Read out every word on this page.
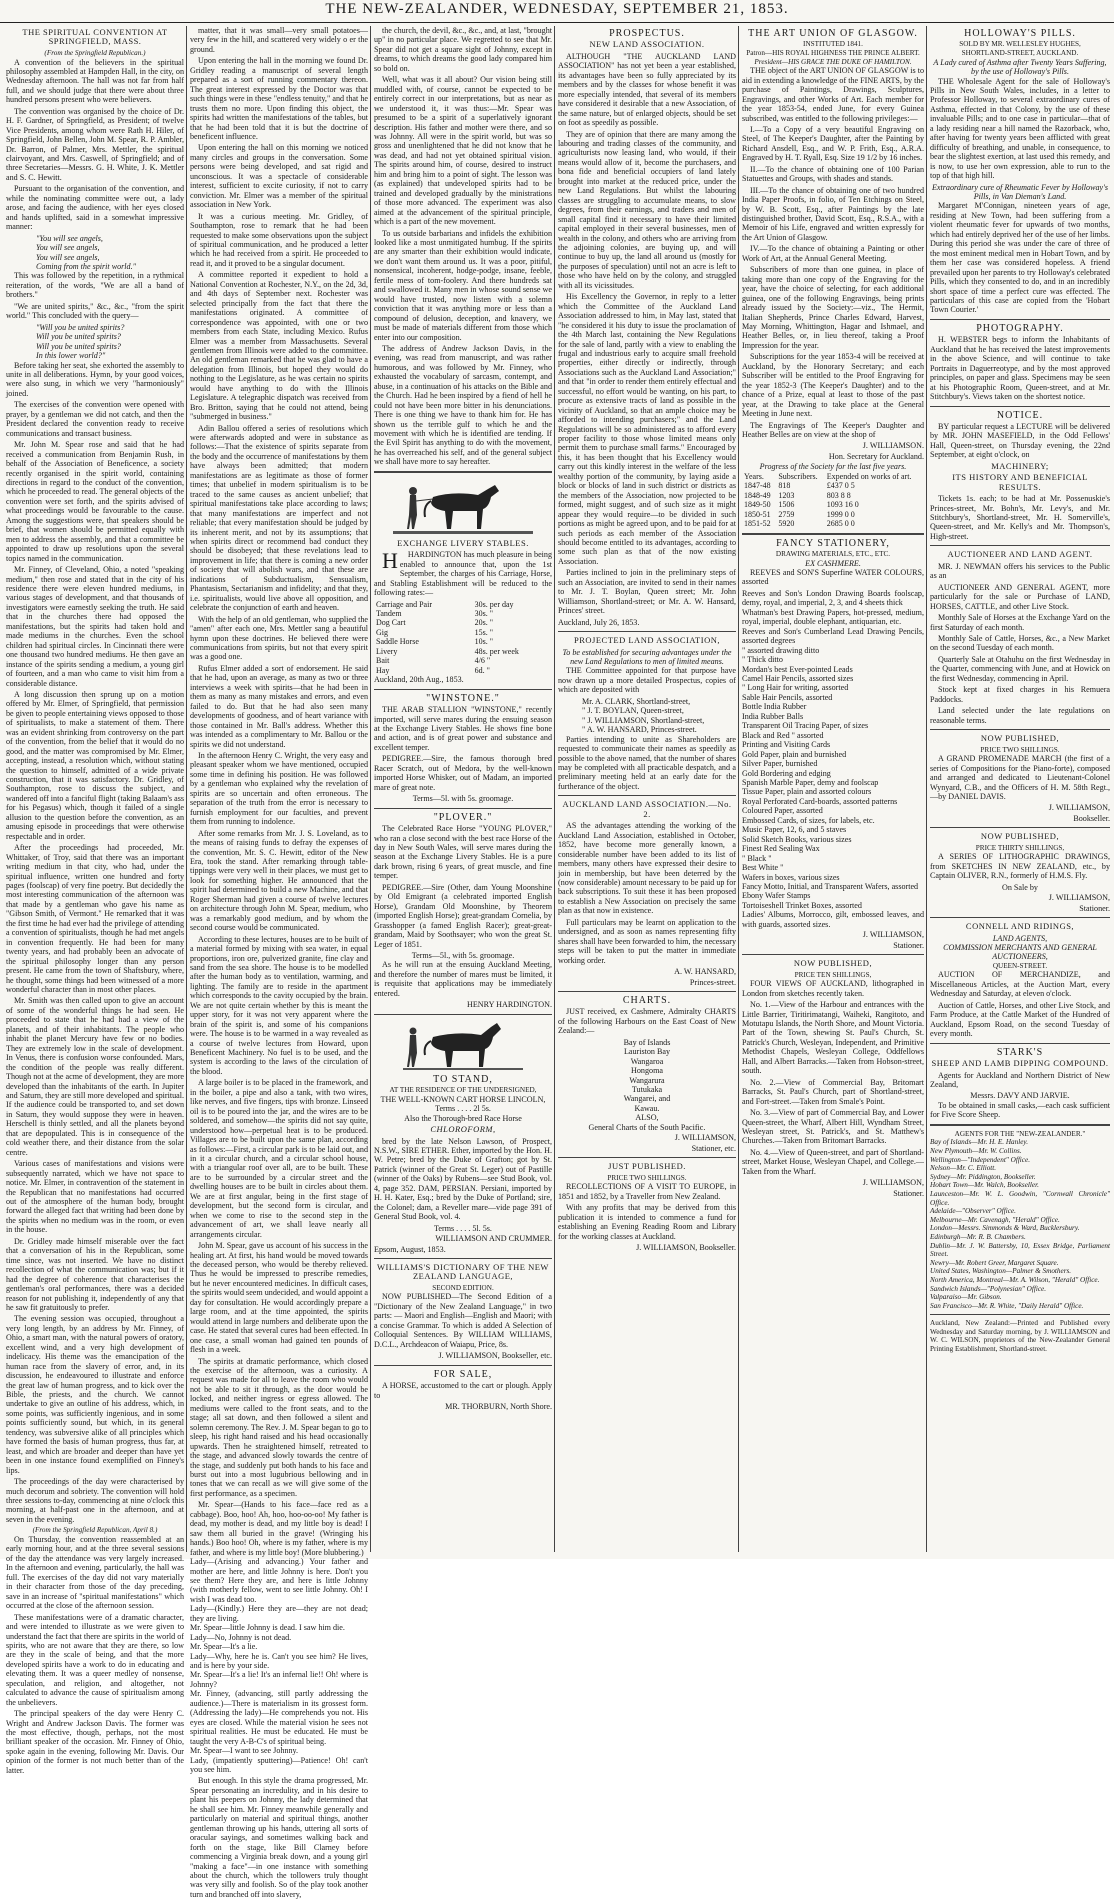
THE NEW-ZEALANDER, WEDNESDAY, SEPTEMBER 21, 1853.
THE SPIRITUAL CONVENTION AT SPRINGFIELD, MASS.
(From the Springfield Republican.)

A convention of the believers in the spiritual philosophy assembled at Hampden Hall, in the city, on Wednesday afternoon. The hall was not far from half full, and we should judge that there were about three hundred persons present who were believers.

The convention was organised by the choice of Dr. H. F. Gardner, of Springfield, as President; of twelve Vice Presidents, among whom were Rath H. Hiler, of Springfield, John Bellen, John M. Spear, R. P. Ambler, Dr. Barron, of Palmer, Mrs. Mettler, the spiritual clairvoyant, and Mrs. Caswell, of Springfield; and of three Secretaries—Messrs. G. H. White, J. K. Mettler and S. C. Hewitt.

Pursuant to the organisation of the convention, and while the nominating committee were out, a lady arose, and facing the audience, with her eyes closed and hands uplifted, said in a somewhat impressive manner:

"You will see angels,
You will see angels,
You will see angels,
Coming from the spirit world."

This was followed by the repetition, in a rythmical reiteration, of the words, "We are all a band of brothers."

"We are united spirits," &c., &c., "from the spirit world." This concluded with the query—

"Will you be united spirits?
Will you be united spirits?
Will you be united spirits?
In this lower world?"

Before taking her seat, she exhorted the assembly to unite in all deliberations. Hymn, by your good voices, were also sung, in which we very "harmoniously" joined.

The exercises of the convention were opened with prayer, by a gentleman we did not catch, and then the President declared the convention ready to receive communications and transact business.

Mr. John M. Spear rose and said that he had received a communication from Benjamin Rush, in behalf of the Association of Beneficence, a society recently organised in the spirit world, containing directions in regard to the conduct of the convention, which he proceeded to read. The general objects of the convention were set forth, and the spirits advised of what proceedings would be favourable to the cause. Among the suggestions were, that speakers should be brief, that women should be permitted equally with men to address the assembly, and that a committee be appointed to draw up resolutions upon the several topics named in the communication.

Mr. Finney, of Cleveland, Ohio, a noted "speaking medium," then rose and stated that in the city of his residence there were eleven hundred mediums, in various stages of development, and that thousands of investigators were earnestly seeking the truth. He said that in the churches there had opposed the manifestations, but the spirits had taken hold and made mediums in the churches. Even the school children had spiritual circles. In Cincinnati there were one thousand two hundred mediums. He then gave an instance of the spirits sending a medium, a young girl of fourteen, and a man who came to visit him from a considerable distance.

A long discussion then sprung up on a motion offered by Mr. Elmer, of Springfield, that permission be given to people entertaining views opposed to those of spiritualists, to make a statement of them. There was an evident shrinking from controversy on the part of the convention, from the belief that it would do no good, and the matter was compromised by Mr. Elmer, accepting, instead, a resolution which, without stating the question to himself, admitted of a wide private construction, that it was satisfactory. Dr. Gridley, of Southampton, rose to discuss the subject, and wandered off into a fanciful flight (taking Balaam's ass for his Pegasus) which, though it failed of a single allusion to the question before the convention, as an amusing episode in proceedings that were otherwise respectable and in order.

After the proceedings had proceeded, Mr. Whittaker, of Troy, said that there was an important writing medium in that city, who had, under the spiritual influence, written one hundred and forty pages (foolscap) of very fine poetry. But decidedly the most interesting communication of the afternoon was that made by a gentleman who gave his name as "Gibson Smith, of Vermont." He remarked that it was the first time he had ever had the privilege of attending a convention of spiritualists, though he had met angels in convention frequently. He had been for many twenty years, and had probably been an advocate of the spiritual philosophy longer than any person present. He came from the town of Shaftsbury, where, he thought, some things had been witnessed of a more wonderful character than in most other places.

Mr. Smith was then called upon to give an account of some of the wonderful things he had seen. He proceeded to state that he had had a view of the planets, and of their inhabitants. The people who inhabit the planet Mercury have few or no bodies. They are extremely low in the scale of development. In Venus, there is confusion worse confounded. Mars, the condition of the people was really different. Though not at the acme of development, they are more developed than the inhabitants of the earth. In Jupiter and Saturn, they are still more developed and spiritual. If the audience could be transported to, and set down in Saturn, they would suppose they were in heaven. Herschell is thinly settled, and all the planets beyond that are depopulated. This is in consequence of the cold weather there, and their distance from the solar centre.

Various cases of manifestations and visions were subsequently narrated, which we have not space to notice. Mr. Elmer, in contravention of the statement in the Republican that no manifestations had occurred out of the atmosphere of the human body, brought forward the alleged fact that writing had been done by the spirits when no medium was in the room, or even in the house.

Dr. Gridley made himself miserable over the fact that a conversation of his in the Republican, some time since, was not inserted. We have no distinct recollection of what the communication was; but if it had the degree of coherence that characterises the gentleman's oral performances, there was a decided reason for not publishing it, independently of any that he saw fit gratuitously to prefer.

The evening session was occupied, throughout a very long length, by an address by Mr. Finney, of Ohio, a smart man, with the natural powers of oratory, excellent wind, and a very high development of indelicacy. His theme was the emancipation of the human race from the slavery of error, and, in its discussion, he endeavoured to illustrate and enforce the great law of human progress, and to kick over the Bible, the priests, and the church. We cannot undertake to give an outline of his address, which, in some points, was sufficiently ingenious, and in some points sufficiently sound, but which, in its general tendency, was subversive alike of all principles which have formed the basis of human progress, thus far, at least, and which are broader and deeper than have yet been in one instance found exemplified on Finney's lips.

The proceedings of the day were characterised by much decorum and sobriety. The convention will hold three sessions to-day, commencing at nine o'clock this morning, at half-past one in the afternoon, and at seven in the evening.

(From the Springfield Republican, April 8.)

On Thursday, the convention reassembled at an early morning hour, and at the three several sessions of the day the attendance was very largely increased. In the afternoon and evening, particularly, the hall was full. The exercises of the day did not vary materially in their character from those of the day preceding, save in an increase of "spiritual manifestations" which occurred at the close of the afternoon session.

These manifestations were of a dramatic character, and were intended to illustrate as we were given to understand the fact that there are spirits in the world of spirits, who are not aware that they are there, so low are they in the scale of being, and that the more developed spirits have a work to do in educating and elevating them. It was a queer medley of nonsense, speculation, and religion, and altogether, not calculated to advance the cause of spiritualism among the unbelievers.

The principal speakers of the day were Henry C. Wright and Andrew Jackson Davis. The former was the most effective, though, perhaps, not the most brilliant speaker of the occasion. Mr. Finney of Ohio, spoke again in the evening, following Mr. Davis. Our opinion of the former is not much better than of the latter.

matter, that it was small—very small potatoes—very few in the hill, and scattered very widely o er the ground.

Upon entering the hall in the morning we found Dr. Gridley reading a manuscript of several length prepared as a sort of running commentary thereon. The great interest expressed by the Doctor was that such things were in these "endless tenuity," and that he trusts them no more. Upon finding this object, the spirits had written the manifestations of the tables, but that he had been told that it is but the doctrine of beneficent influence.

Upon entering the hall on this morning we noticed many circles and groups in the conversation. Some persons were being developed, and sat rigid and unconscious. It was a spectacle of considerable interest, sufficient to excite curiosity, if not to carry conviction. Mr. Elmer was a member of the spiritual association in New York.

It was a curious meeting. Mr. Gridley, of Southampton, rose to remark that he had been requested to make some observations upon the subject of spiritual communication, and he produced a letter which he had received from a spirit. He proceeded to read it, and it proved to be a singular document.

A committee reported it expedient to hold a National Convention at Rochester, N.Y., on the 2d, 3d, and 4th days of September next. Rochester was selected principally from the fact that there the manifestations originated. A committee of correspondence was appointed, with one or two members from each State, including Mexico. Rufus Elmer was a member from Massachusetts. Several gentlemen from Illinois were added to the committee. An old gentleman remarked that he was glad to have a delegation from Illinois, but hoped they would do nothing to the Legislature, as he was certain no spirits would have anything to do with the Illinois Legislature. A telegraphic dispatch was received from Bro. Britton, saying that he could not attend, being "submerged in business."

Adin Ballou offered a series of resolutions which were afterwards adopted and were in substance as follows:—That the existence of spirits separate from the body and the occurrence of manifestations by them have always been admitted; that modern manifestations are as legitimate as those of former times; that unbelief in modern spiritualism is to be traced to the same causes as ancient unbelief; that spiritual manifestations take place according to laws; that many manifestations are imperfect and not reliable; that every manifestation should be judged by its inherent merit, and not by its assumptions; that when spirits direct or recommend bad conduct they should be disobeyed; that these revelations lead to improvement in life; that there is coming a new order of society that will abolish wars, and that these are indications of Subductualism, Sensualism, Phantasism, Sectarianism and infidelity; and that they, i.e. spiritualists, would live above all opposition, and celebrate the conjunction of earth and heaven.

With the help of an old gentleman, who supplied the "amen" after each one, Mrs. Mettler sang a beautiful hymn upon these doctrines. He believed there were communications from spirits, but not that every spirit was a good one.

Rufus Elmer added a sort of endorsement. He said that he had, upon an average, as many as two or three interviews a week with spirits—that he had been in them as many as many mistakes and errors, and even failed to do. But that he had also seen many developments of goodness, and of heart variance with those contained in Mr. Ball's address. Whether this was intended as a complimentary to Mr. Ballou or the spirits we did not understand.

In the afternoon Henry C. Wright, the very easy and pleasant speaker whom we have mentioned, occupied some time in defining his position. He was followed by a gentleman who explained why the revelation of spirits are so uncertain and often erroneous. The separation of the truth from the error is necessary to furnish employment for our faculties, and prevent them from running to indolence.

After some remarks from Mr. J. S. Loveland, as to the means of raising funds to defray the expenses of the convention, Mr. S. C. Hewitt, editor of the New Era, took the stand. After remarking through table-tippings were very well in their places, we must get to look for something higher. He announced that the spirit had determined to build a new Machine, and that Roger Sherman had given a course of twelve lectures on architecture through John M. Spear, medium, who was a remarkably good medium, and by whom the second course would be communicated.

According to these lectures, houses are to be built of a material formed by mixing with sea water, in equal proportions, iron ore, pulverized granite, fine clay and sand from the sea shore. The house is to be modelled after the human body as to ventilation, warming, and lighting. The family are to reside in the apartment which corresponds to the cavity occupied by the brain. We are not quite certain whether by this is meant the upper story, for it was not very apparent where the brain of the spirit is, and some of his companions were. The house is to be warmed in a way revealed as a course of twelve lectures from Howard, upon Beneficent Machinery. No fuel is to be used, and the system is according to the laws of the circulation of the blood.

A large boiler is to be placed in the framework, and in the boiler, a pipe and also a tank, with two wires, like nerves, and five fingers, tips with bronze. Linseed oil is to be poured into the jar, and the wires are to be soldered, and somehow—the spirits did not say quite, understood how—perpetual heat is to be produced. Villages are to be built upon the same plan, according as follows:—First, a circular park is to be laid out, and in it a circular church, and a circular school house, with a triangular roof over all, are to be built. These are to be surrounded by a circular street and the dwelling houses are to be built in circles about them. We are at first angular, being in the first stage of development, but the second form is circular, and when we come to rise to the second step in the advancement of art, we shall leave nearly all arrangements circular.

John M. Spear, gave us account of his success in the healing art. At first, his hand would be moved towards the deceased person, who would be thereby relieved. Thus he would be impressed to prescribe remedies, but he never encountered medicines. In difficult cases, the spirits would seem undecided, and would appoint a day for consultation. He would accordingly prepare a large room, and at the time appointed, the spirits would attend in large numbers and deliberate upon the case. He stated that several cures had been effected. In one case, a small woman had gained ten pounds of flesh in a week.

The spirits at dramatic performance, which closed the exercise of the afternoon, was a curiosity. A request was made for all to leave the room who would not be able to sit it through, as the door would be locked, and neither ingress or egress allowed. The mediums were called to the front seats, and to the stage; all sat down, and then followed a silent and solemn ceremony. The Rev. J. M. Spear began to go to sleep, his right hand raised and his head occasionally upwards. Then he straightened himself, retreated to the stage, and advanced slowly towards the centre of the stage, and suddenly put both hands to his face and burst out into a most lugubrious bellowing and in tones that we can recall as we will give some of the first performance, as a specimen.

Mr. Spear—(Hands to his face—face red as a cabbage). Boo, hoo! Ah, hoo, hoo-oo-oo! My father is dead, my mother is dead, and my little boy is dead! I saw them all buried in the grave! (Wringing his hands.) Boo hoo! Oh, where is my father, where is my father, and where is my little boy! (More blubbering.)
Lady—(Arising and advancing.) Your father and mother are here, and little Johnny is here. Don't you see them? Here they are, and here is little Johnny (with motherly fellow, went to see little Johnny. Oh! I wish I was dead too.
Lady—(Kindly.) Here they are—they are not dead; they are living.
Mr. Spear—little Johnny is dead. I saw him die.
Lady—No, Johnny is not dead.
Mr. Spear—It's a lie.
Lady—Why, here he is. Can't you see him? He lives, and is here by your side.
Mr. Spear—It's a lie! It's an infernal lie!! Oh! where is Johnny?
Mr. Finney, (advancing, still partly addressing the audience.)—There is materialism in its grossest form. (Addressing the lady)—He comprehends you not. His eyes are closed. While the material vision he sees not spiritual realities. He must be educated. He must be taught the very A-B-C's of spiritual being.
Mr. Spear—I want to see Johnny.
Lady, (impatiently sputtering)—Patience! Oh! can't you see him.

But enough. In this style the drama progressed, Mr. Spear personating an incredulity, and in his desire to plant his peepers on Johnny, the lady determined that he shall see him. Mr. Finney meanwhile generally and particularly on material and spiritual things, another gentleman throwing up his hands, uttering all sorts of oracular sayings, and sometimes walking back and forth on the stage, like Bill Clarney before commencing a Virginia break down, and a young girl "making a face"—in one instance with something about the church, which the tollowers truly thought was very silly and foolish. So of the play took another turn and branched off into slavery,

the church, the devil, &c., &c., and, at last, "brought up" in no particular place. We regretted to see that Mr. Spear did not get a square sight of Johnny, except in dreams, to which dreams the good lady compared him so bold on.

Well, what was it all about? Our vision being still muddled with, of course, cannot be expected to be entirely correct in our interpretations, but as near as we understood it, it was thus:—Mr. Spear was presumed to be a spirit of a superlatively ignorant description. His father and mother were there, and so was Johnny. All were in the spirit world, but was so gross and unenlightened that he did not know that he was dead, and had not yet obtained spiritual vision. The spirits around him, of course, desired to instruct him and bring him to a point of sight. The lesson was (as explained) that undeveloped spirits had to be trained and developed gradually by the ministrations of those more advanced. The experiment was also aimed at the advancement of the spiritual principle, which is a part of the new movement.

To us outside barbarians and infidels the exhibition looked like a most unmitigated humbug. If the spirits are any smarter than their exhibition would indicate, we don't want them around us. It was a poor, pitiful, nonsensical, incoherent, hodge-podge, insane, feeble, fertile mess of tom-foolery. And there hundreds sat and swallowed it. Many men in whose sound sense we would have trusted, now listen with a solemn conviction that it was anything more or less than a compound of delusion, deception, and knavery, we must be made of materials different from those which enter into our composition.

The address of Andrew Jackson Davis, in the evening, was read from manuscript, and was rather humorous, and was followed by Mr. Finney, who exhausted the vocabulary of sarcasm, contempt, and abuse, in a continuation of his attacks on the Bible and the Church. Had he been inspired by a fiend of hell he could not have been more bitter in his denunciations. There is one thing we have to thank him for. He has shown us the terrible gulf to which he and the movement with which he is identified are tending. If the Evil Spirit has anything to do with the movement, he has overreached his self, and of the general subject we shall have more to say hereafter.

EXCHANGE LIVERY STABLES.

H HARDINGTON has much pleasure in being enabled to announce that, upon the 1st September, the charges of his Carriage, Horse, and Stabling Establishment will be reduced to the following rates:—

Carriage and Pair	30s. per day
Tandem	30s. "
Dog Cart	20s. "
Gig	15s. "
Saddle Horse	10s. "
Livery	48s. per week
Bait	4/6 "
Hay	6d. "
Auckland, 20th Aug., 1853.
"WINSTONE."

THE ARAB STALLION "WINSTONE," recently imported, will serve mares during the ensuing season at the Exchange Livery Stables. He shows fine bone and action, and is of great power and substance and excellent temper.

PEDIGREE.—Sire, the famous thorough bred Racer Scratch, out of Medora, by the well-known imported Horse Whisker, out of Madam, an imported mare of great note.

Terms—5l. with 5s. groomage.
"PLOVER."

The Celebrated Race Horse "YOUNG PLOVER," who ran a close second with the best race Horse of the day in New South Wales, will serve mares during the season at the Exchange Livery Stables. He is a pure dark brown, rising 6 years, of great muscle, and fine temper.

PEDIGREE.—Sire (Other, dam Young Moonshine by Old Emigrant (a celebrated imported English Horse), Grandam Old Moonshine, by Theorem (imported English Horse); great-grandam Cornelia, by Grasshopper (a famed English Racer); great-great-grandam, Maid by Soothsayer; who won the great St. Leger of 1851.

Terms—5l., with 5s. groomage.

As he will run at the ensuing Auckland Meeting, and therefore the number of mares must be limited, it is requisite that applications may be immediately entered.

HENRY HARDINGTON.
TO STAND,
AT THE RESIDENCE OF THE UNDERSIGNED,
THE WELL-KNOWN CART HORSE LINCOLN,
Terms . . . . 2l 5s.
Also the Thorough-bred Race Horse
CHLOROFORM,

bred by the late Nelson Lawson, of Prospect, N.S.W., SIRE ETHER. Ether, imported by the Hon. H. W. Petre; bred by the Duke of Grafton; got by St. Patrick (winner of the Great St. Leger) out of Pastille (winner of the Oaks) by Rubens—see Stud Book, vol. 4, page 352. DAM, PERSIAN. Persiani, imported by H. H. Kater, Esq.; bred by the Duke of Portland; sire, the Colonel; dam, a Reveller mare—vide page 391 of General Stud Book, vol. 4.

Terms . . . . 5l. 5s.
WILLIAMSON AND CRUMMER.
Epsom, August, 1853.
WILLIAMS'S DICTIONARY OF THE NEW ZEALAND LANGUAGE,
SECOND EDITION.

NOW PUBLISHED—The Second Edition of a "Dictionary of the New Zealand Language," in two parts: — Maori and English—English and Maori; with a concise Grammar. To which is added A Selection of Colloquial Sentences. By WILLIAM WILLIAMS, D.C.L., Archdeacon of Waiapu, Price, 8s.

J. WILLIAMSON, Bookseller, etc.
FOR SALE,

A HORSE, accustomed to the cart or plough. Apply to

MR. THORBURN, North Shore.
PROSPECTUS.
NEW LAND ASSOCIATION.

ALTHOUGH "THE AUCKLAND LAND ASSOCIATION" has not yet been a year established, its advantages have been so fully appreciated by its members and by the classes for whose benefit it was more especially intended, that several of its members have considered it desirable that a new Association, of the same nature, but of enlarged objects, should be set on foot as speedily as possible.

They are of opinion that there are many among the labouring and trading classes of the community, and agriculturists now leasing land, who would, if their means would allow of it, become the purchasers, and bona fide and beneficial occupiers of land lately brought into market at the reduced price, under the new Land Regulations. But whilst the labouring classes are struggling to accumulate means, to slow degrees, from their earnings, and traders and men of small capital find it necessary to have their limited capital employed in their several businesses, men of wealth in the colony, and others who are arriving from the adjoining colonies, are buying up, and will continue to buy up, the land all around us (mostly for the purposes of speculation) until not an acre is left to those who have held on by the colony, and struggled with all its vicissitudes.

His Excellency the Governor, in reply to a letter which the Committee of the Auckland Land Association addressed to him, in May last, stated that "he considered it his duty to issue the proclamation of the 4th March last, containing the New Regulations for the sale of land, partly with a view to enabling the frugal and industrious early to acquire small freehold properties, either directly or indirectly, through Associations such as the Auckland Land Association;" and that "in order to render them entirely effectual and successful, no effort would be wanting, on his part, to procure as extensive tracts of land as possible in the vicinity of Auckland, so that an ample choice may be afforded to intending purchasers;" and the Land Regulations will be so administered as to afford every proper facility to those whose limited means only permit them to purchase small farms." Encouraged by this, it has been thought that his Excellency would carry out this kindly interest in the welfare of the less wealthy portion of the community, by laying aside a block or blocks of land in such district or districts as the members of the Association, now projected to be formed, might suggest, and of such size as it might appear they would require—to be divided in such portions as might be agreed upon, and to be paid for at such periods as each member of the Association should become entitled to its advantages, according to some such plan as that of the now existing Association.

Parties inclined to join in the preliminary steps of such an Association, are invited to send in their names to Mr. J. T. Boylan, Queen street; Mr. John Williamson, Shortland-street; or Mr. A. W. Hansard, Princes' street.

Auckland, July 26, 1853.
PROJECTED LAND ASSOCIATION,
To be established for securing advantages under the new Land Regulations to men of limited means.

THE Committee appointed for that purpose have now drawn up a more detailed Prospectus, copies of which are deposited with

Mr. A. CLARK, Shortland-street,
" J. T. BOYLAN, Queen-street,
" J. WILLIAMSON, Shortland-street,
" A. W. HANSARD, Princes-street.

Parties intending to unite as Shareholders are requested to communicate their names as speedily as possible to the above named, that the number of shares may be completed with all practicable despatch, and a preliminary meeting held at an early date for the furtherance of the object.

AUCKLAND LAND ASSOCIATION.—No. 2.

AS the advantages attending the working of the Auckland Land Association, established in October, 1852, have become more generally known, a considerable number have been added to its list of members, many others have expressed their desire to join in membership, but have been deterred by the (now considerable) amount necessary to be paid up for back subscriptions. To suit these it has been proposed to establish a New Association on precisely the same plan as that now in existence.

Full particulars may be learnt on application to the undersigned, and as soon as names representing fifty shares shall have been forwarded to him, the necessary steps will be taken to put the matter in immediate working order.

A. W. HANSARD,
Princes-street.
CHARTS.

JUST received, ex Cashmere, Admiralty CHARTS of the following Harbours on the East Coast of New Zealand:—

Bay of Islands
Lauriston Bay
Wangaroa
Hongoma
Wangarura
Tutukaka
Wangarei, and
Kawau.
ALSO,
General Charts of the South Pacific.
J. WILLIAMSON,
Stationer, etc.
JUST PUBLISHED.
PRICE TWO SHILLINGS.

RECOLLECTIONS OF A VISIT TO EUROPE, in 1851 and 1852, by a Traveller from New Zealand.

With any profits that may be derived from this publication it is intended to commence a fund for establishing an Evening Reading Room and Library for the working classes at Auckland.

J. WILLIAMSON, Bookseller.
THE ART UNION OF GLASGOW.
INSTITUTED 1841.
Patron—HIS ROYAL HIGHNESS THE PRINCE ALBERT.
President—HIS GRACE THE DUKE OF HAMILTON.

THE object of the ART UNION OF GLASGOW is to aid in extending a knowledge of the FINE ARTS, by the purchase of Paintings, Drawings, Sculptures, Engravings, and other Works of Art. Each member for the year 1853-54, ended June, for every Guinea subscribed, was entitled to the following privileges:—

I.—To a Copy of a very beautiful Engraving on Steel, of The Keeper's Daughter, after the Painting by Richard Ansdell, Esq., and W. P. Frith, Esq., A.R.A. Engraved by H. T. Ryall, Esq. Size 19 1/2 by 16 inches.

II.—To the chance of obtaining one of 100 Parian Statuettes and Groups, with shades and stands.

III.—To the chance of obtaining one of two hundred India Paper Proofs, in folio, of Ten Etchings on Steel, by W. B. Scott, Esq., after Paintings by the late distinguished brother, David Scott, Esq., R.S.A., with a Memoir of his Life, engraved and written expressly for the Art Union of Glasgow.

IV.—To the chance of obtaining a Painting or other Work of Art, at the Annual General Meeting.

Subscribers of more than one guinea, in place of taking more than one copy of the Engraving for the year, have the choice of selecting, for each additional guinea, one of the following Engravings, being prints already issued by the Society:—viz., The Hermit, Italian Shepherds, Prince Charles Edward, Harvest, May Morning, Whittington, Hagar and Ishmael, and Heather Belles, or, in lieu thereof, taking a Proof Impression for the year.

Subscriptions for the year 1853-4 will be received at Auckland, by the Honorary Secretary; and each Subscriber will be entitled to the Proof Engraving for the year 1852-3 (The Keeper's Daughter) and to the chance of a Prize, equal at least to those of the past year, at the Drawing to take place at the General Meeting in June next.

The Engravings of The Keeper's Daughter and Heather Belles are on view at the shop of

J. WILLIAMSON.
Hon. Secretary for Auckland.
Progress of the Society for the last five years.
Years.	Subscribers.	Expended on works of art.
1847-48	818	£437 0 5
1848-49	1203	803 8 8
1849-50	1506	1093 16 0
1850-51	2759	1999 0 0
1851-52	5920	2685 0 0
FANCY STATIONERY,
DRAWING MATERIALS, ETC., ETC.
EX CASHMERE.

REEVES and SON'S Superfine WATER COLOURS, assorted

Reeves and Son's London Drawing Boards foolscap, demy, royal, and imperial, 2, 3, and 4 sheets thick
Whatman's best Drawing Papers, hot-pressed, medium, royal, imperial, double elephant, antiquarian, etc.
Reeves and Son's Cumberland Lead Drawing Pencils, assorted degrees
" assorted drawing ditto
" Thick ditto
Mordan's best Ever-pointed Leads
Camel Hair Pencils, assorted sizes
" Long Hair for writing, assorted
Sable Hair Pencils, assorted
Bottle India Rubber
India Rubber Balls
Transparent Oil Tracing Paper, of sizes
Black and Red " assorted
Printing and Visiting Cards
Gold Paper, plain and burnished
Silver Paper, burnished
Gold Bordering and edging
Spanish Marble Paper, demy and foolscap
Tissue Paper, plain and assorted colours
Royal Perforated Card-boards, assorted patterns
Coloured Paper, assorted
Embossed Cards, of sizes, for labels, etc.
Music Paper, 12, 6, and 5 staves
Solid Sketch Books, various sizes
Finest Red Sealing Wax
" Black "
Best White "
Wafers in boxes, various sizes
Fancy Motto, Initial, and Transparent Wafers, assorted
Ebony Wafer Stamps
Tortoiseshell Trinket Boxes, assorted
Ladies' Albums, Morrocco, gilt, embossed leaves, and with guards, assorted sizes.
J. WILLIAMSON,
Stationer.
NOW PUBLISHED,
PRICE TEN SHILLINGS,

FOUR VIEWS OF AUCKLAND, lithographed in London from sketches recently taken.

No. 1.—View of the Harbour and entrances with the Little Barrier, Tiritirimatangi, Waiheki, Rangitoto, and Motutapu Islands, the North Shore, and Mount Victoria. Part of the Town, shewing St. Paul's Church, St. Patrick's Church, Wesleyan, Independent, and Primitive Methodist Chapels, Wesleyan College, Oddfellows Hall, and Albert Barracks.—Taken from Hobson-street, south.

No. 2.—View of Commercial Bay, Britomart Barracks, St. Paul's Church, part of Shortland-street, and Fort-street.—Taken from Smale's Point.

No. 3.—View of part of Commercial Bay, and Lower Queen-street, the Wharf, Albert Hill, Wyndham Street, Wesleyan street, St. Patrick's, and St. Matthew's Churches.—Taken from Britomart Barracks.

No. 4.—View of Queen-street, and part of Shortland-street, Market House, Wesleyan Chapel, and College.—Taken from the Wharf.

J. WILLIAMSON,
Stationer.
HOLLOWAY'S PILLS.
SOLD BY MR. WELLESLEY HUGHES,
SHORTLAND-STREET, AUCKLAND.
A Lady cured of Asthma after Twenty Years Suffering, by the use of Holloway's Pills.

THE Wholesale Agent for the sale of Holloway's Pills in New South Wales, includes, in a letter to Professor Holloway, to several extraordinary cures of Asthma, effected in that Colony, by the use of these invaluable Pills; and to one case in particular—that of a lady residing near a hill named the Razorback, who, after having for twenty years been afflicted with great difficulty of breathing, and unable, in consequence, to bear the slightest exertion, at last used this remedy, and is now, to use her own expression, able to run to the top of that high hill.

Extraordinary cure of Rheumatic Fever by Holloway's Pills, in Van Dieman's Land.

Margaret M'Connigan, nineteen years of age, residing at New Town, had been suffering from a violent rheumatic fever for upwards of two months, which had entirely deprived her of the use of her limbs. During this period she was under the care of three of the most eminent medical men in Hobart Town, and by them her case was considered hopeless. A friend prevailed upon her parents to try Holloway's celebrated Pills, which they consented to do, and in an incredibly short space of time a perfect cure was effected. The particulars of this case are copied from the 'Hobart Town Courier.'

PHOTOGRAPHY.

H. WEBSTER begs to inform the Inhabitants of Auckland that he has received the latest improvements in the above Science, and will continue to take Portraits in Daguerreotype, and by the most approved principles, on paper and glass. Specimens may be seen at his Photographic Room, Queen-street, and at Mr. Stitchbury's. Views taken on the shortest notice.

NOTICE.

BY particular request a LECTURE will be delivered by MR. JOHN MASEFIELD, in the Odd Fellows' Hall, Queen-street, on Thursday evening, the 22nd September, at eight o'clock, on

MACHINERY;
ITS HISTORY AND BENEFICIAL RESULTS.

Tickets 1s. each; to be had at Mr. Possenuskie's Princes-street, Mr. Bohn's, Mr. Levy's, and Mr. Stitchbury's, Shortland-street, Mr. H. Somerville's, Queen-street, and Mr. Kelly's and Mr. Thompson's, High-street.

AUCTIONEER AND LAND AGENT.

MR. J. NEWMAN offers his services to the Public as an

AUCTIONEER AND GENERAL AGENT, more particularly for the sale or Purchase of LAND, HORSES, CATTLE, and other Live Stock.

Monthly Sale of Horses at the Exchange Yard on the first Saturday of each month.

Monthly Sale of Cattle, Horses, &c., a New Market on the second Tuesday of each month.

Quarterly Sale at Otahuhu on the first Wednesday in the Quarter, commencing with June, and at Howick on the first Wednesday, commencing in April.

Stock kept at fixed charges in his Remuera Paddocks.

Land selected under the late regulations on reasonable terms.

NOW PUBLISHED,
PRICE TWO SHILLINGS.

A GRAND PROMENADE MARCH (the first of a series of Compositions for the Piano-forte), composed and arranged and dedicated to Lieutenant-Colonel Wynyard, C.B., and the Officers of H. M. 58th Regt.,—by DANIEL DAVIS.

J. WILLIAMSON,
Bookseller.
NOW PUBLISHED,
PRICE THIRTY SHILLINGS,

A SERIES OF LITHOGRAPHIC DRAWINGS, from SKETCHES IN NEW ZEALAND, etc., by Captain OLIVER, R.N., formerly of H.M.S. Fly.

On Sale by
J. WILLIAMSON,
Stationer.
CONNELL AND RIDINGS,
LAND AGENTS,
COMMISSION MERCHANTS AND GENERAL AUCTIONEERS,
QUEEN-STREET.

AUCTION OF MERCHANDIZE, and Miscellaneous Articles, at the Auction Mart, every Wednesday and Saturday, at eleven o'clock.

Auction of Cattle, Horses, and other Live Stock, and Farm Produce, at the Cattle Market of the Hundred of Auckland, Epsom Road, on the second Tuesday of every month.

STARK'S
SHEEP AND LAMB DIPPING COMPOUND.

Agents for Auckland and Northern District of New Zealand,

Messrs. DAVY AND JARVIE.

To be obtained in small casks,—each cask sufficient for Five Score Sheep.

AGENTS FOR THE "NEW-ZEALANDER."
Bay of Islands—Mr. H. E. Hanley.
New Plymouth—Mr. W. Collins.
Wellington—"Independent" Office.
Nelson—Mr. C. Elliott.
Sydney—Mr. Piddington, Bookseller.
Hobart Town—Mr. Walch, Bookseller.
Launceston—Mr. W. L. Goodwin, "Cornwall Chronicle" Office.
Adelaide—"Observer" Office.
Melbourne—Mr. Cavenagh, "Herald" Office.
London—Messrs. Simmonds & Ward, Bucklersbury.
Edinburgh—Mr. R. B. Chambers.
Dublin—Mr. J. W. Battersby, 10, Essex Bridge, Parliament Street.
Newry—Mr. Robert Greer, Margaret Square.
United States, Washington—Palmer & Smothers.
North America, Montreal—Mr. A. Wilson, "Herald" Office.
Sandwich Islands—"Polynesian" Office.
Valparaiso—Mr. Gibson.
San Francisco—Mr. R. White, "Daily Herald" Office.
Auckland, New Zealand:—Printed and Published every Wednesday and Saturday morning, by J. WILLIAMSON and W. C. WILSON, proprietors of the New-Zealander General Printing Establishment, Shortland-street.
